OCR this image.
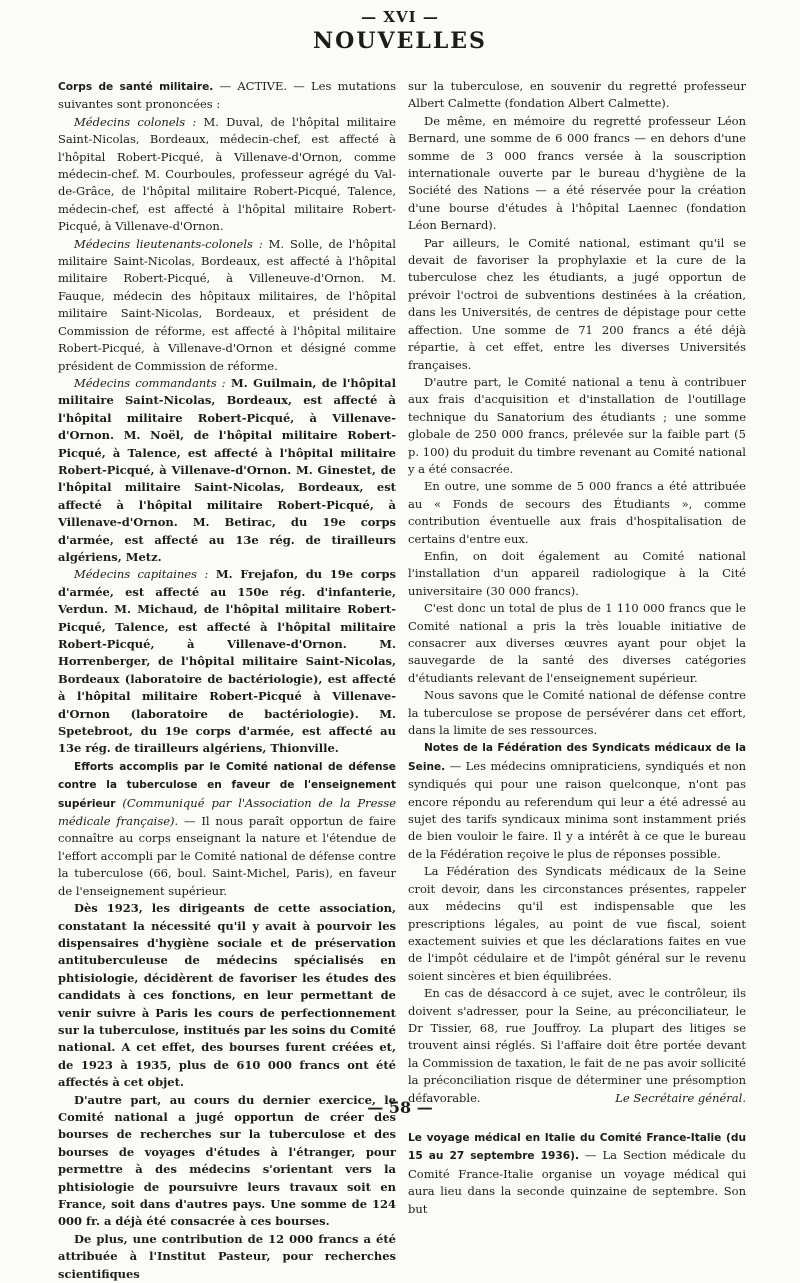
— XVI —
NOUVELLES

Corps de santé militaire. — ACTIVE. — Les mutations suivantes sont prononcées :

Médecins colonels : M. Duval, de l'hôpital militaire Saint-Nicolas, Bordeaux, médecin-chef, est affecté à l'hôpital Robert-Picqué, à Villenave-d'Ornon, comme médecin-chef. M. Courboules, professeur agrégé du Val-de-Grâce, de l'hôpital militaire Robert-Picqué, Talence, médecin-chef, est affecté à l'hôpital militaire Robert-Picqué, à Villenave-d'Ornon.

Médecins lieutenants-colonels : M. Solle, de l'hôpital militaire Saint-Nicolas, Bordeaux, est affecté à l'hôpital militaire Robert-Picqué, à Villeneuve-d'Ornon. M. Fauque, médecin des hôpitaux militaires, de l'hôpital militaire Saint-Nicolas, Bordeaux, et président de Commission de réforme, est affecté à l'hôpital militaire Robert-Picqué, à Villenave-d'Ornon et désigné comme président de Commission de réforme.

Médecins commandants : M. Guilmain, de l'hôpital militaire Saint-Nicolas, Bordeaux, est affecté à l'hôpital militaire Robert-Picqué, à Villenave-d'Ornon. M. Noël, de l'hôpital militaire Robert-Picqué, à Talence, est affecté à l'hôpital militaire Robert-Picqué, à Villenave-d'Ornon. M. Ginestet, de l'hôpital militaire Saint-Nicolas, Bordeaux, est affecté à l'hôpital militaire Robert-Picqué, à Villenave-d'Ornon. M. Betirac, du 19e corps d'armée, est affecté au 13e rég. de tirailleurs algériens, Metz.

Médecins capitaines : M. Frejafon, du 19e corps d'armée, est affecté au 150e rég. d'infanterie, Verdun. M. Michaud, de l'hôpital militaire Robert-Picqué, Talence, est affecté à l'hôpital militaire Robert-Picqué, à Villenave-d'Ornon. M. Horrenberger, de l'hôpital militaire Saint-Nicolas, Bordeaux (laboratoire de bactériologie), est affecté à l'hôpital militaire Robert-Picqué à Villenave-d'Ornon (laboratoire de bactériologie). M. Spetebroot, du 19e corps d'armée, est affecté au 13e rég. de tirailleurs algériens, Thionville.

Efforts accomplis par le Comité national de défense contre la tuberculose en faveur de l'enseignement supérieur (Communiqué par l'Association de la Presse médicale française). — Il nous paraît opportun de faire connaître au corps enseignant la nature et l'étendue de l'effort accompli par le Comité national de défense contre la tuberculose (66, boul. Saint-Michel, Paris), en faveur de l'enseignement supérieur.

Dès 1923, les dirigeants de cette association, constatant la nécessité qu'il y avait à pourvoir les dispensaires d'hygiène sociale et de préservation antituberculeuse de médecins spécialisés en phtisiologie, décidèrent de favoriser les études des candidats à ces fonctions, en leur permettant de venir suivre à Paris les cours de perfectionnement sur la tuberculose, institués par les soins du Comité national. A cet effet, des bourses furent créées et, de 1923 à 1935, plus de 610 000 francs ont été affectés à cet objet.

D'autre part, au cours du dernier exercice, le Comité national a jugé opportun de créer des bourses de recherches sur la tuberculose et des bourses de voyages d'études à l'étranger, pour permettre à des médecins s'orientant vers la phtisiologie de poursuivre leurs travaux soit en France, soit dans d'autres pays. Une somme de 124 000 fr. a déjà été consacrée à ces bourses.

De plus, une contribution de 12 000 francs a été attribuée à l'Institut Pasteur, pour recherches scientifiques

sur la tuberculose, en souvenir du regretté professeur Albert Calmette (fondation Albert Calmette).

De même, en mémoire du regretté professeur Léon Bernard, une somme de 6 000 francs — en dehors d'une somme de 3 000 francs versée à la souscription internationale ouverte par le bureau d'hygiène de la Société des Nations — a été réservée pour la création d'une bourse d'études à l'hôpital Laennec (fondation Léon Bernard).

Par ailleurs, le Comité national, estimant qu'il se devait de favoriser la prophylaxie et la cure de la tuberculose chez les étudiants, a jugé opportun de prévoir l'octroi de subventions destinées à la création, dans les Universités, de centres de dépistage pour cette affection. Une somme de 71 200 francs a été déjà répartie, à cet effet, entre les diverses Universités françaises.

D'autre part, le Comité national a tenu à contribuer aux frais d'acquisition et d'installation de l'outillage technique du Sanatorium des étudiants ; une somme globale de 250 000 francs, prélevée sur la faible part (5 p. 100) du produit du timbre revenant au Comité national y a été consacrée.

En outre, une somme de 5 000 francs a été attribuée au « Fonds de secours des Étudiants », comme contribution éventuelle aux frais d'hospitalisation de certains d'entre eux.

Enfin, on doit également au Comité national l'installation d'un appareil radiologique à la Cité universitaire (30 000 francs).

C'est donc un total de plus de 1 110 000 francs que le Comité national a pris la très louable initiative de consacrer aux diverses œuvres ayant pour objet la sauvegarde de la santé des diverses catégories d'étudiants relevant de l'enseignement supérieur.

Nous savons que le Comité national de défense contre la tuberculose se propose de persévérer dans cet effort, dans la limite de ses ressources.

Notes de la Fédération des Syndicats médicaux de la Seine. — Les médecins omnipraticiens, syndiqués et non syndiqués qui pour une raison quelconque, n'ont pas encore répondu au referendum qui leur a été adressé au sujet des tarifs syndicaux minima sont instamment priés de bien vouloir le faire. Il y a intérêt à ce que le bureau de la Fédération reçoive le plus de réponses possible.

La Fédération des Syndicats médicaux de la Seine croit devoir, dans les circonstances présentes, rappeler aux médecins qu'il est indispensable que les prescriptions légales, au point de vue fiscal, soient exactement suivies et que les déclarations faites en vue de l'impôt cédulaire et de l'impôt général sur le revenu soient sincères et bien équilibrées.

En cas de désaccord à ce sujet, avec le contrôleur, ils doivent s'adresser, pour la Seine, au préconciliateur, le Dr Tissier, 68, rue Jouffroy. La plupart des litiges se trouvent ainsi réglés. Si l'affaire doit être portée devant la Commission de taxation, le fait de ne pas avoir sollicité la préconciliation risque de déterminer une présomption défavorable.	Le Secrétaire général.

Le voyage médical en Italie du Comité France-Italie (du 15 au 27 septembre 1936). — La Section médicale du Comité France-Italie organise un voyage médical qui aura lieu dans la seconde quinzaine de septembre. Son but

— 58 —
